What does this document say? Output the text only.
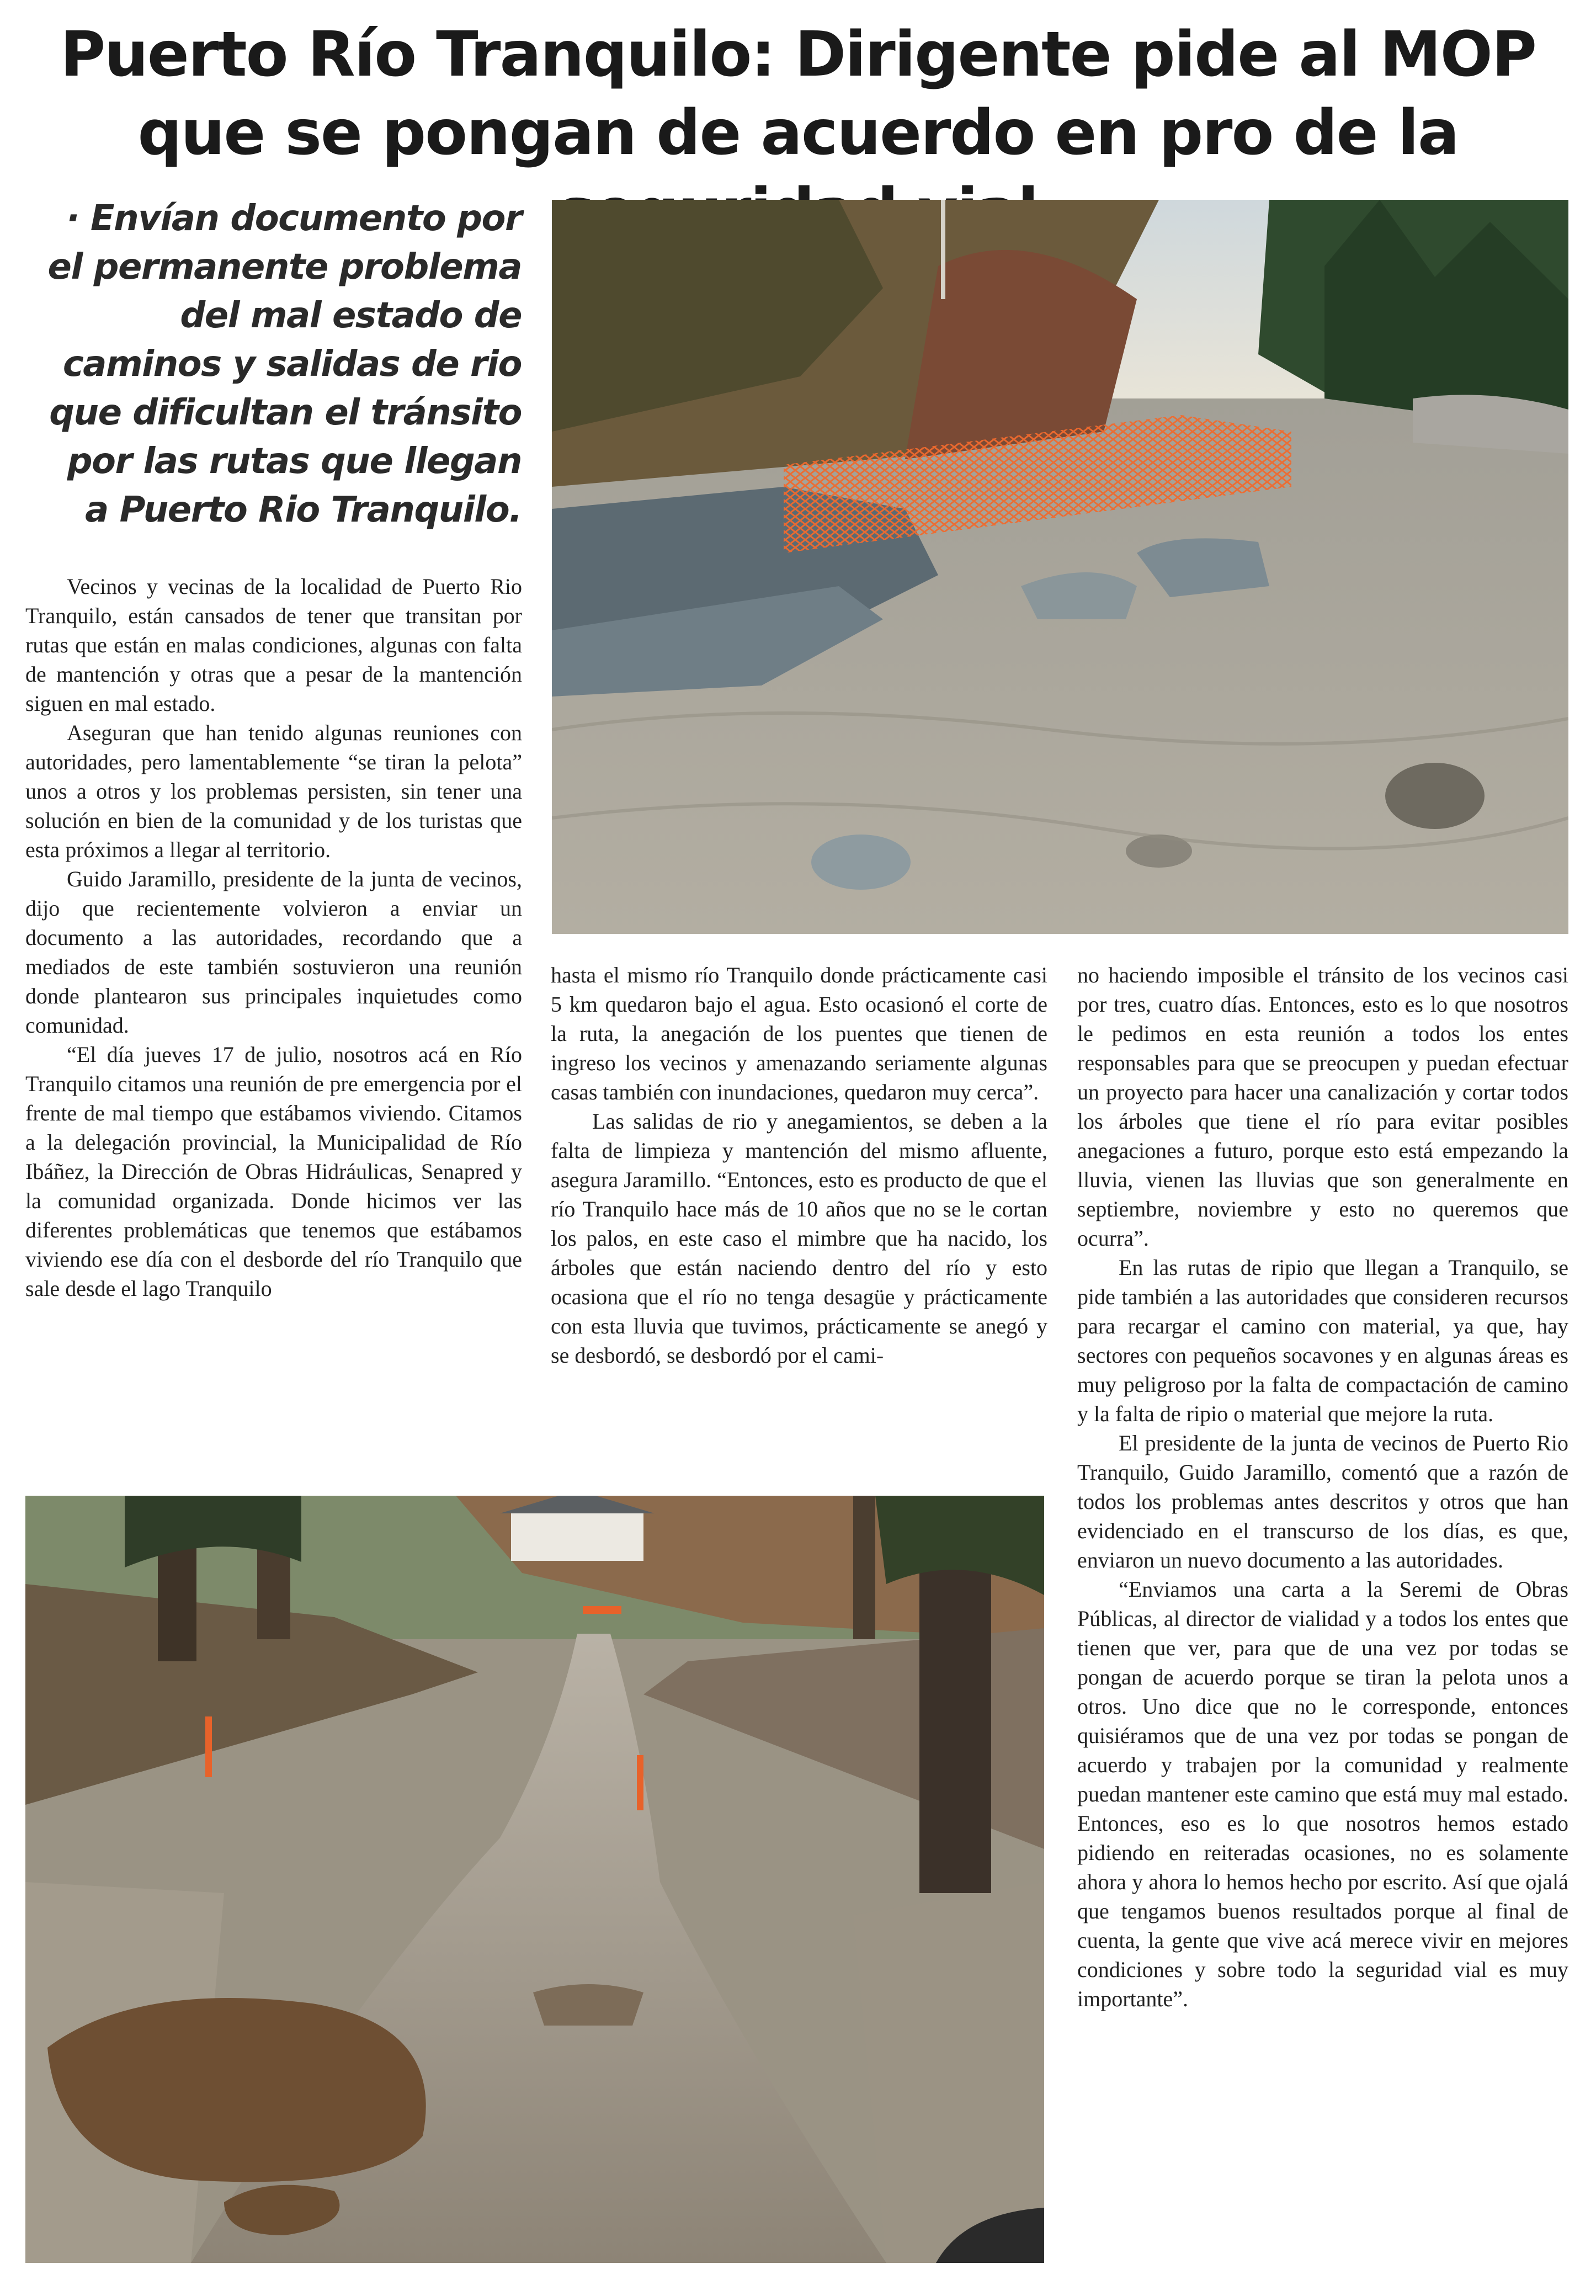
Puerto Río Tranquilo: Dirigente pide al MOP que se pongan de acuerdo en pro de la
· Envían documento por el permanente problema del mal estado de caminos y salidas de rio que dificultan el tránsito por las rutas que llegan a Puerto Rio Tranquilo.

Vecinos y vecinas de la localidad de Puerto Rio Tranquilo, están cansados de tener que transitan por rutas que están en malas condiciones, algunas con falta de mantención y otras que a pesar de la mantención siguen en mal estado.

Aseguran que han tenido algunas reuniones con autoridades, pero lamentablemente “se tiran la pelota” unos a otros y los problemas persisten, sin tener una solución en bien de la comunidad y de los turistas que esta próximos a llegar al territorio.

Guido Jaramillo, presidente de la junta de vecinos, dijo que recientemente volvieron a enviar un documento a las autoridades, recordando que a mediados de este también sostuvieron una reunión donde plantearon sus principales inquietudes como comunidad.

“El día jueves 17 de julio, nosotros acá en Río Tranquilo citamos una reunión de pre emergencia por el frente de mal tiempo que estábamos viviendo. Citamos a la delegación provincial, la Municipalidad de Río Ibáñez, la Dirección de Obras Hidráulicas, Senapred y la comunidad organizada. Donde hicimos ver las diferentes problemáticas que tenemos que estábamos viviendo ese día con el desborde del río Tranquilo que sale desde el lago Tranquilo

hasta el mismo río Tranquilo donde prácticamente casi 5 km quedaron bajo el agua. Esto ocasionó el corte de la ruta, la anegación de los puentes que tienen de ingreso los vecinos y amenazando seriamente algunas casas también con inundaciones, quedaron muy cerca”.

Las salidas de rio y anegamientos, se deben a la falta de limpieza y mantención del mismo afluente, asegura Jaramillo. “Entonces, esto es producto de que el río Tranquilo hace más de 10 años que no se le cortan los palos, en este caso el mimbre que ha nacido, los árboles que están naciendo dentro del río y esto ocasiona que el río no tenga desagüe y prácticamente con esta lluvia que tuvimos, prácticamente se anegó y se desbordó, se desbordó por el cami-

no haciendo imposible el tránsito de los vecinos casi por tres, cuatro días. Entonces, esto es lo que nosotros le pedimos en esta reunión a todos los entes responsables para que se preocupen y puedan efectuar un proyecto para hacer una canalización y cortar todos los árboles que tiene el río para evitar posibles anegaciones a futuro, porque esto está empezando la lluvia, vienen las lluvias que son generalmente en septiembre, noviembre y esto no queremos que ocurra”.

En las rutas de ripio que llegan a Tranquilo, se pide también a las autoridades que consideren recursos para recargar el camino con material, ya que, hay sectores con pequeños socavones y en algunas áreas es muy peligroso por la falta de compactación de camino y la falta de ripio o material que mejore la ruta.

El presidente de la junta de vecinos de Puerto Rio Tranquilo, Guido Jaramillo, comentó que a razón de todos los problemas antes descritos y otros que han evidenciado en el transcurso de los días, es que, enviaron un nuevo documento a las autoridades.

“Enviamos una carta a la Seremi de Obras Públicas, al director de vialidad y a todos los entes que tienen que ver, para que de una vez por todas se pongan de acuerdo porque se tiran la pelota unos a otros. Uno dice que no le corresponde, entonces quisiéramos que de una vez por todas se pongan de acuerdo y trabajen por la comunidad y realmente puedan mantener este camino que está muy mal estado. Entonces, eso es lo que nosotros hemos estado pidiendo en reiteradas ocasiones, no es solamente ahora y ahora lo hemos hecho por escrito. Así que ojalá que tengamos buenos resultados porque al final de cuenta, la gente que vive acá merece vivir en mejores condiciones y sobre todo la seguridad vial es muy importante”.
